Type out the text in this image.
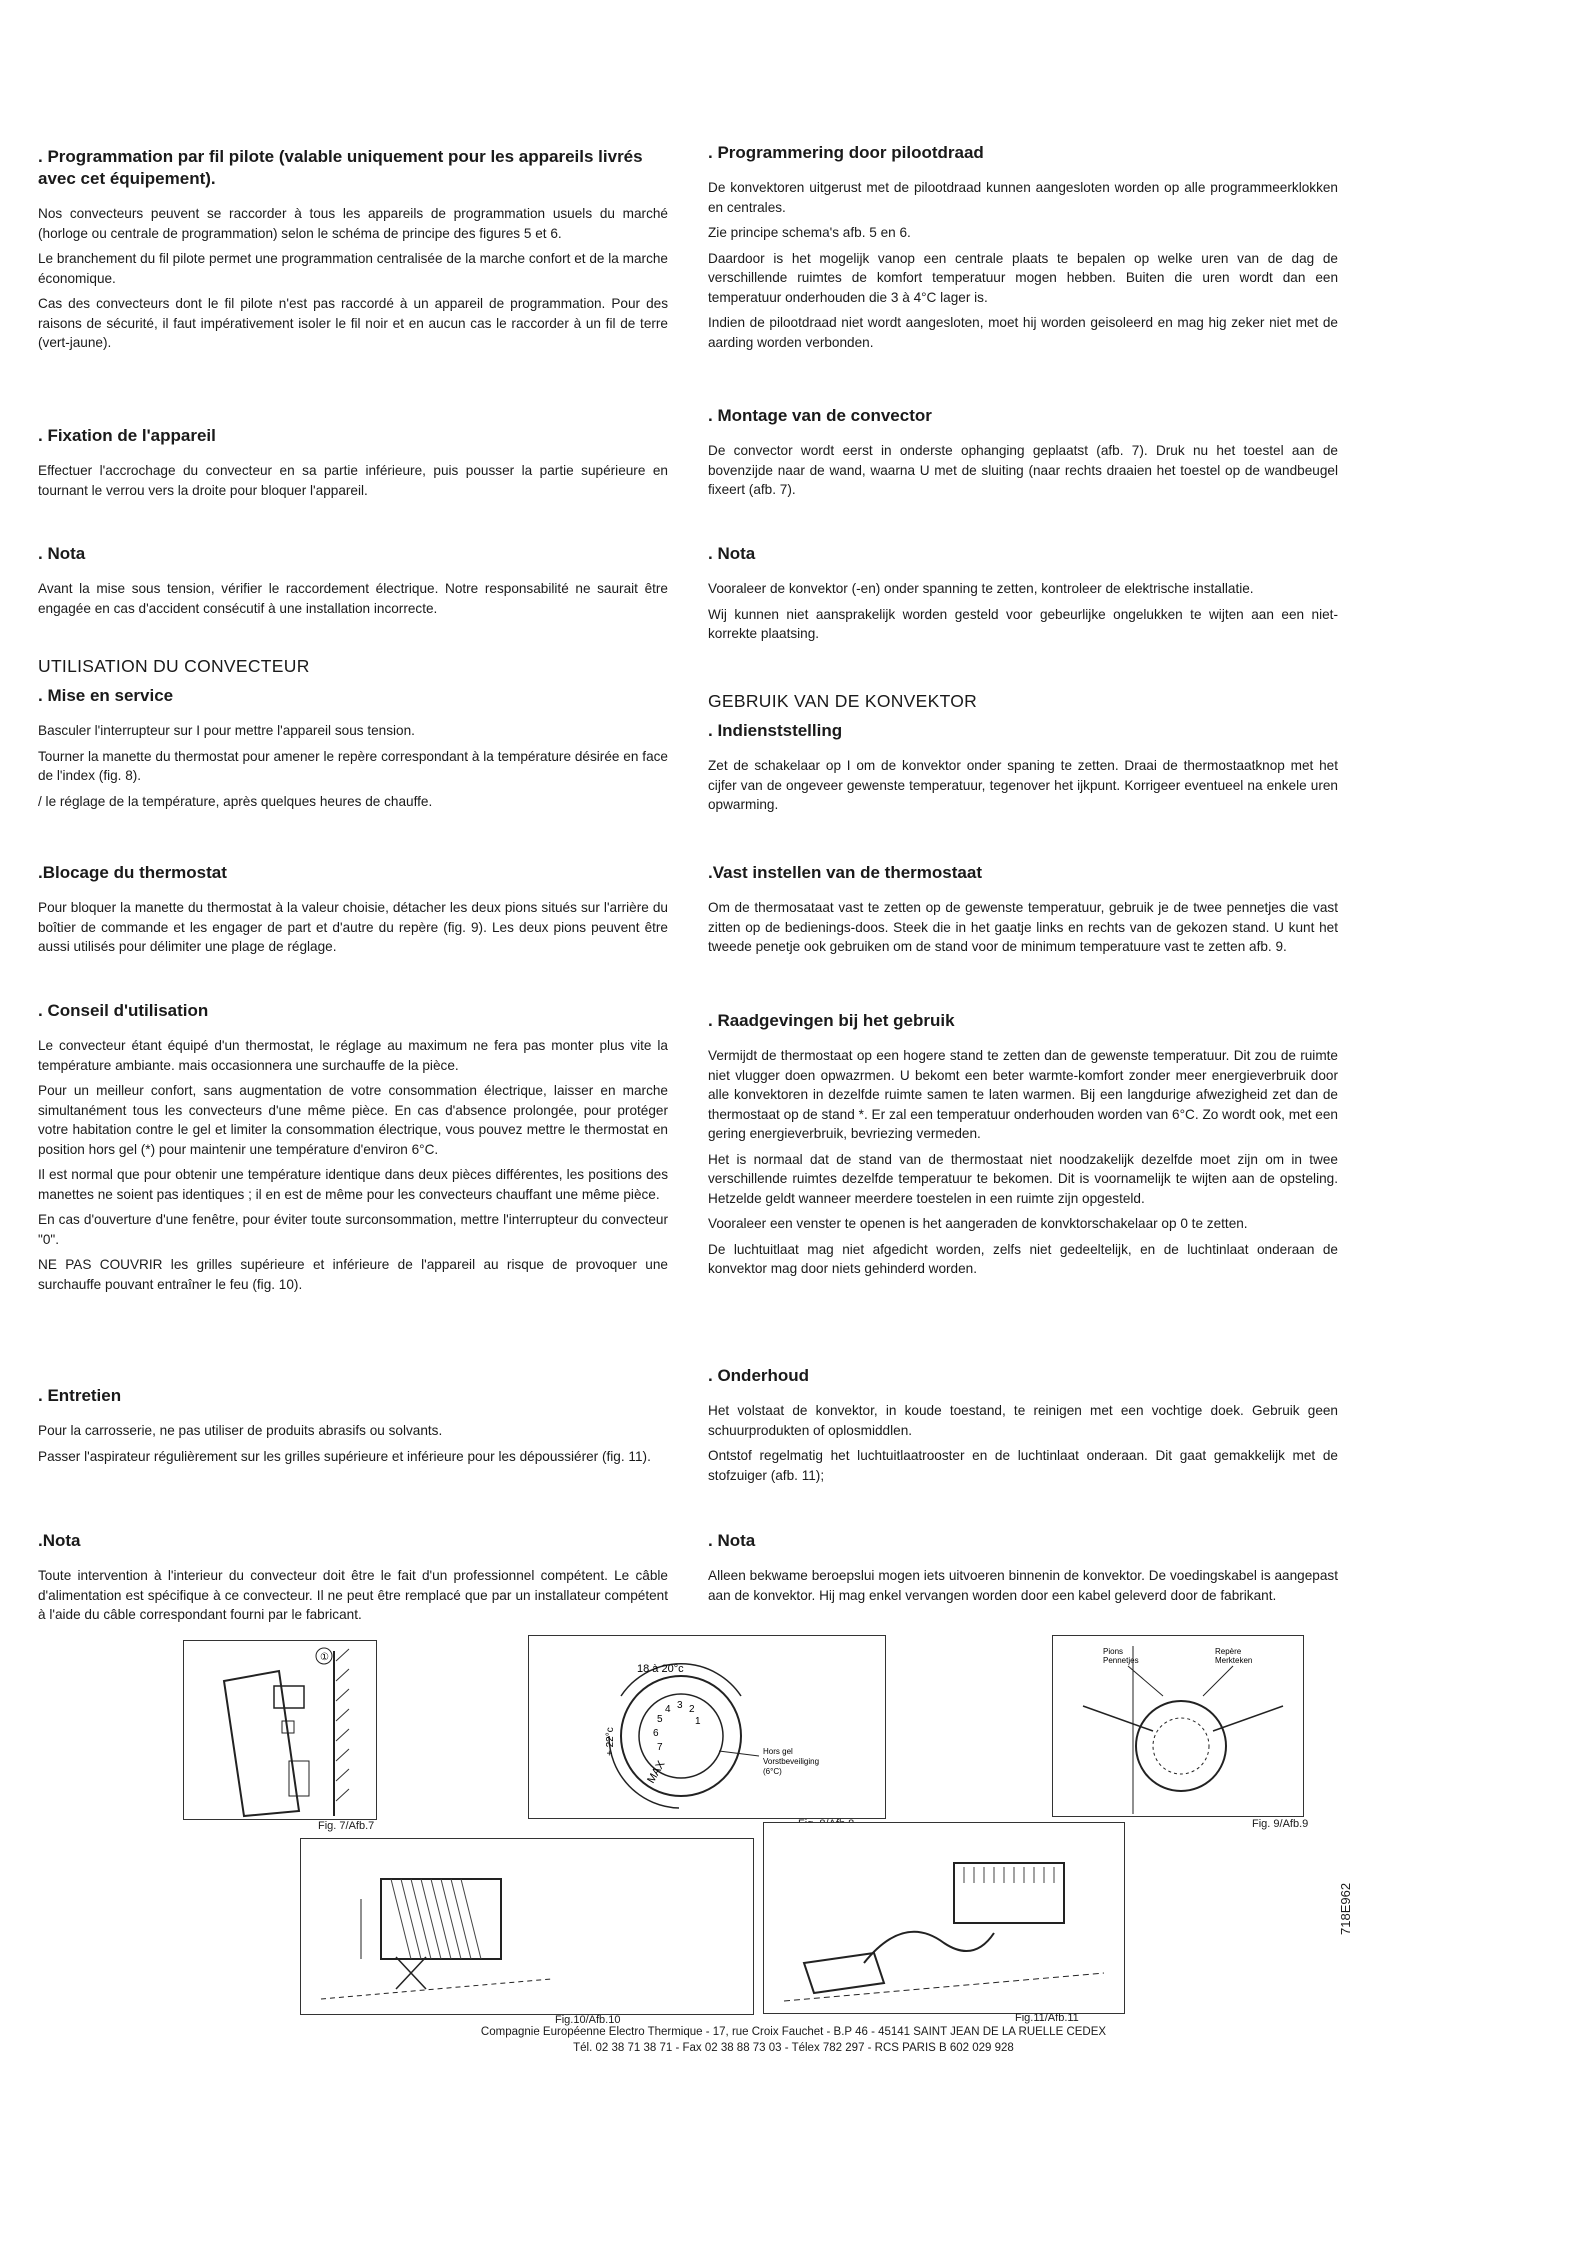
. Programmation par fil pilote (valable uniquement pour les appareils livrés avec cet équipement).
Nos convecteurs peuvent se raccorder à tous les appareils de programmation usuels du marché (horloge ou centrale de programmation) selon le schéma de principe des figures 5 et 6.
Le branchement du fil pilote permet une programmation centralisée de la marche confort et de la marche économique.
Cas des convecteurs dont le fil pilote n'est pas raccordé à un appareil de programmation. Pour des raisons de sécurité, il faut impérativement isoler le fil noir et en aucun cas le raccorder à un fil de terre (vert-jaune).
. Fixation de l'appareil
Effectuer l'accrochage du convecteur en sa partie inférieure, puis pousser la partie supérieure en tournant le verrou vers la droite pour bloquer l'appareil.
. Nota
Avant la mise sous tension, vérifier le raccordement électrique. Notre responsabilité ne saurait être engagée en cas d'accident consécutif à une installation incorrecte.
UTILISATION DU CONVECTEUR
. Mise en service
Basculer l'interrupteur sur I pour mettre l'appareil sous tension.
Tourner la manette du thermostat pour amener le repère correspondant à la température désirée en face de l'index (fig. 8).
/ le réglage de la température, après quelques heures de chauffe.
.Blocage du thermostat
Pour bloquer la manette du thermostat à la valeur choisie, détacher les deux pions situés sur l'arrière du boîtier de commande et les engager de part et d'autre du repère (fig. 9). Les deux pions peuvent être aussi utilisés pour délimiter une plage de réglage.
. Conseil d'utilisation
Le convecteur étant équipé d'un thermostat, le réglage au maximum ne fera pas monter plus vite la température ambiante. mais occasionnera une surchauffe de la pièce.
Pour un meilleur confort, sans augmentation de votre consommation électrique, laisser en marche simultanément tous les convecteurs d'une même pièce. En cas d'absence prolongée, pour protéger votre habitation contre le gel et limiter la consommation électrique, vous pouvez mettre le thermostat en position hors gel (*) pour maintenir une température d'environ 6°C.
Il est normal que pour obtenir une température identique dans deux pièces différentes, les positions des manettes ne soient pas identiques ; il en est de même pour les convecteurs chauffant une même pièce.
En cas d'ouverture d'une fenêtre, pour éviter toute surconsommation, mettre l'interrupteur du convecteur "0".
NE PAS COUVRIR les grilles supérieure et inférieure de l'appareil au risque de provoquer une surchauffe pouvant entraîner le feu (fig. 10).
. Entretien
Pour la carrosserie, ne pas utiliser de produits abrasifs ou solvants.
Passer l'aspirateur régulièrement sur les grilles supérieure et inférieure pour les dépoussiérer (fig. 11).
.Nota
Toute intervention à l'interieur du convecteur doit être le fait d'un professionnel compétent. Le câble d'alimentation est spécifique à ce convecteur. Il ne peut être remplacé que par un installateur compétent à l'aide du câble correspondant fourni par le fabricant.
. Programmering door pilootdraad
De konvektoren uitgerust met de pilootdraad kunnen aangesloten worden op alle programmeerklokken en centrales.
Zie principe schema's afb. 5 en 6.
Daardoor is het mogelijk vanop een centrale plaats te bepalen op welke uren van de dag de verschillende ruimtes de komfort temperatuur mogen hebben. Buiten die uren wordt dan een temperatuur onderhouden die 3 à 4°C lager is.
Indien de pilootdraad niet wordt aangesloten, moet hij worden geisoleerd en mag hig zeker niet met de aarding worden verbonden.
. Montage van de convector
De convector wordt eerst in onderste ophanging geplaatst (afb. 7). Druk nu het toestel aan de bovenzijde naar de wand, waarna U met de sluiting (naar rechts draaien het toestel op de wandbeugel fixeert (afb. 7).
. Nota
Vooraleer de konvektor (-en) onder spanning te zetten, kontroleer de elektrische installatie.
Wij kunnen niet aansprakelijk worden gesteld voor gebeurlijke ongelukken te wijten aan een niet-korrekte plaatsing.
GEBRUIK VAN DE KONVEKTOR
. Indienststelling
Zet de schakelaar op I om de konvektor onder spaning te zetten. Draai de thermostaatknop met het cijfer van de ongeveer gewenste temperatuur, tegenover het ijkpunt. Korrigeer eventueel na enkele uren opwarming.
.Vast instellen van de thermostaat
Om de thermosataat vast te zetten op de gewenste temperatuur, gebruik je de twee pennetjes die vast zitten op de bedienings-doos. Steek die in het gaatje links en rechts van de gekozen stand. U kunt het tweede penetje ook gebruiken om de stand voor de minimum temperatuure vast te zetten afb. 9.
. Raadgevingen bij het gebruik
Vermijdt de thermostaat op een hogere stand te zetten dan de gewenste temperatuur. Dit zou de ruimte niet vlugger doen opwazrmen. U bekomt een beter warmte-komfort zonder meer energieverbruik door alle konvektoren in dezelfde ruimte samen te laten warmen. Bij een langdurige afwezigheid zet dan de thermostaat op de stand *. Er zal een temperatuur onderhouden worden van 6°C. Zo wordt ook, met een gering energieverbruik, bevriezing vermeden.
Het is normaal dat de stand van de thermostaat niet noodzakelijk dezelfde moet zijn om in twee verschillende ruimtes dezelfde temperatuur te bekomen. Dit is voornamelijk te wijten aan de opsteling. Hetzelde geldt wanneer meerdere toestelen in een ruimte zijn opgesteld.
Vooraleer een venster te openen is het aangeraden de konvktorschakelaar op 0 te zetten.
De luchtuitlaat mag niet afgedicht worden, zelfs niet gedeeltelijk, en de luchtinlaat onderaan de konvektor mag door niets gehinderd worden.
. Onderhoud
Het volstaat de konvektor, in koude toestand, te reinigen met een vochtige doek. Gebruik geen schuurprodukten of oplosmiddlen.
Ontstof regelmatig het luchtuitlaatrooster en de luchtinlaat onderaan. Dit gaat gemakkelijk met de stofzuiger (afb. 11);
. Nota
Alleen bekwame beroepslui mogen iets uitvoeren binnenin de konvektor. De voedingskabel is aangepast aan de konvektor. Hij mag enkel vervangen worden door een kabel geleverd door de fabrikant.
①
Fig. 7/Afb.7
18 à 20°c
+ 22°c
MAX
1
2
3
4
5
6
7	Hors gel
Vorstbeveiliging
(6°C)
Pions
Pennetjes
Repère
Merkteken
Fig. 9/Afb.9
Fig.10/Afb.10	Fig.11/Afb.11
Compagnie Européenne Electro Thermique - 17, rue Croix Fauchet - B.P 46 - 45141 SAINT JEAN DE LA RUELLE CEDEX
Tél. 02 38 71 38 71 - Fax 02 38 88 73 03 - Télex 782 297 - RCS PARIS B 602 029 928
718E962
